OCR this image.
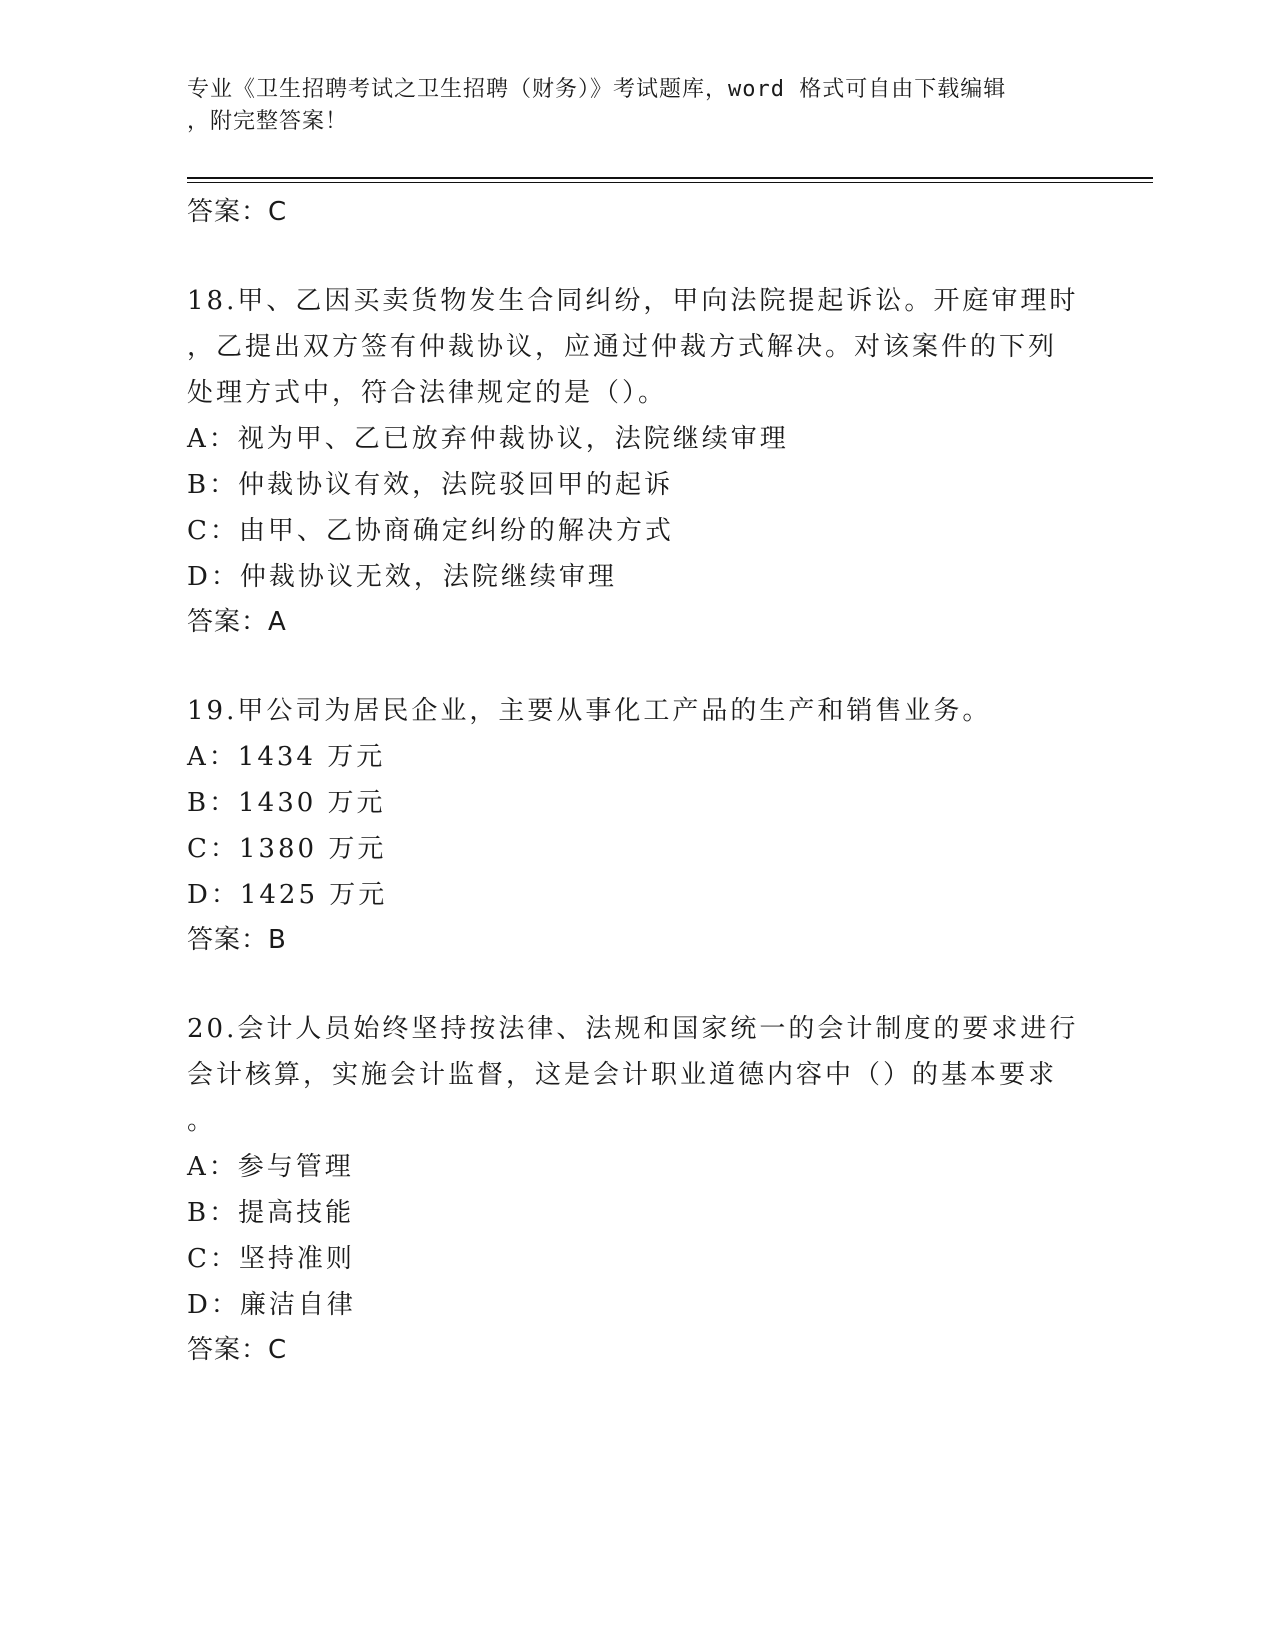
专业《卫生招聘考试之卫生招聘（财务）》考试题库，word 格式可自由下载编辑
，附完整答案！
答案：C
18.甲、乙因买卖货物发生合同纠纷，甲向法院提起诉讼。开庭审理时
，乙提出双方签有仲裁协议，应通过仲裁方式解决。对该案件的下列
处理方式中，符合法律规定的是（）。
A：视为甲、乙已放弃仲裁协议，法院继续审理
B：仲裁协议有效，法院驳回甲的起诉
C：由甲、乙协商确定纠纷的解决方式
D：仲裁协议无效，法院继续审理
答案：A
19.甲公司为居民企业，主要从事化工产品的生产和销售业务。
A：1434 万元
B：1430 万元
C：1380 万元
D：1425 万元
答案：B
20.会计人员始终坚持按法律、法规和国家统一的会计制度的要求进行
会计核算，实施会计监督，这是会计职业道德内容中（）的基本要求
。
A：参与管理
B：提高技能
C：坚持准则
D：廉洁自律
答案：C
